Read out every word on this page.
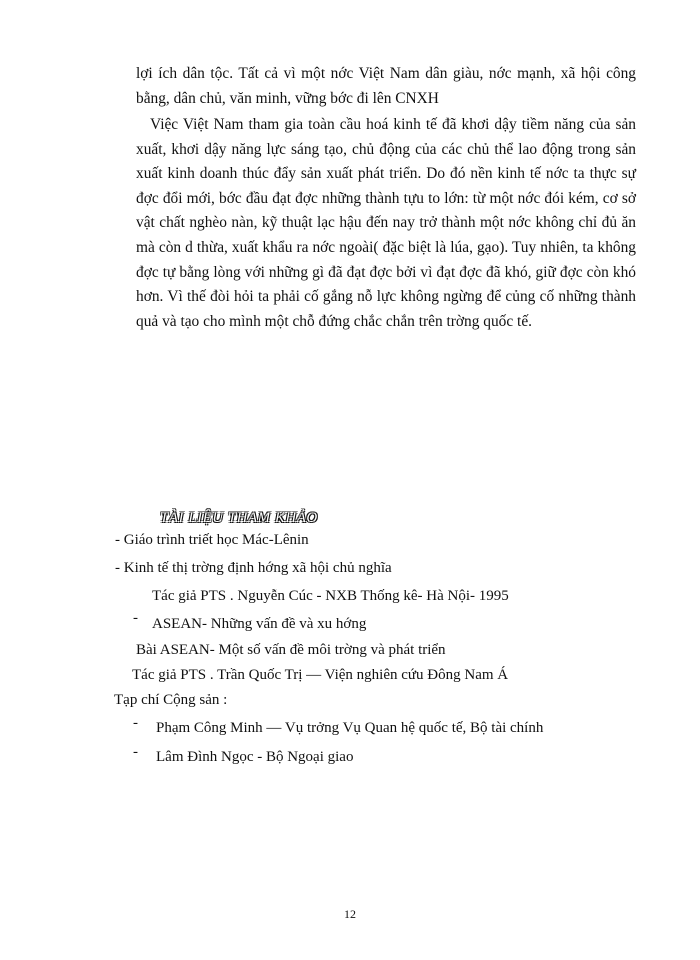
lợi ích dân tộc. Tất cả vì một nớc Việt Nam dân giàu, nớc mạnh, xã hội công bằng, dân chủ, văn minh, vững bớc đi lên CNXH

Việc Việt Nam tham gia toàn cầu hoá kinh tế đã khơi dậy tiềm năng của sản xuất, khơi dậy năng lực sáng tạo, chủ động của các chủ thể lao động trong sản xuất kinh doanh thúc đẩy sản xuất phát triển. Do đó nền kinh tế nớc ta thực sự đợc đổi mới, bớc đầu đạt đợc những thành tựu to lớn: từ một nớc đói kém, cơ sở vật chất nghèo nàn, kỹ thuật lạc hậu đến nay trở thành một nớc không chỉ đủ ăn mà còn d thừa, xuất khẩu ra nớc ngoài( đặc biệt là lúa, gạo). Tuy nhiên, ta không đợc tự bằng lòng với những gì đã đạt đợc bởi vì đạt đợc đã khó, giữ đợc còn khó hơn. Vì thế đòi hỏi ta phải cố gắng nỗ lực không ngừng để củng cố những thành quả và tạo cho mình một chỗ đứng chắc chắn trên trờng quốc tế.

TÀI LIỆU THAM KHẢO
- Giáo trình triết học Mác-Lênin
- Kinh tế thị trờng định hớng xã hội chủ nghĩa
Tác giả PTS . Nguyễn Cúc - NXB Thống kê- Hà Nội- 1995
- ASEAN- Những vấn đề và xu hớng
Bài ASEAN- Một số vấn đề môi trờng và phát triển
Tác giả PTS . Trần Quốc Trị — Viện nghiên cứu Đông Nam Á
Tạp chí Cộng sản :
- Phạm Công Minh — Vụ trởng Vụ Quan hệ quốc tế, Bộ tài chính
- Lâm Đình Ngọc - Bộ Ngoại giao
12
